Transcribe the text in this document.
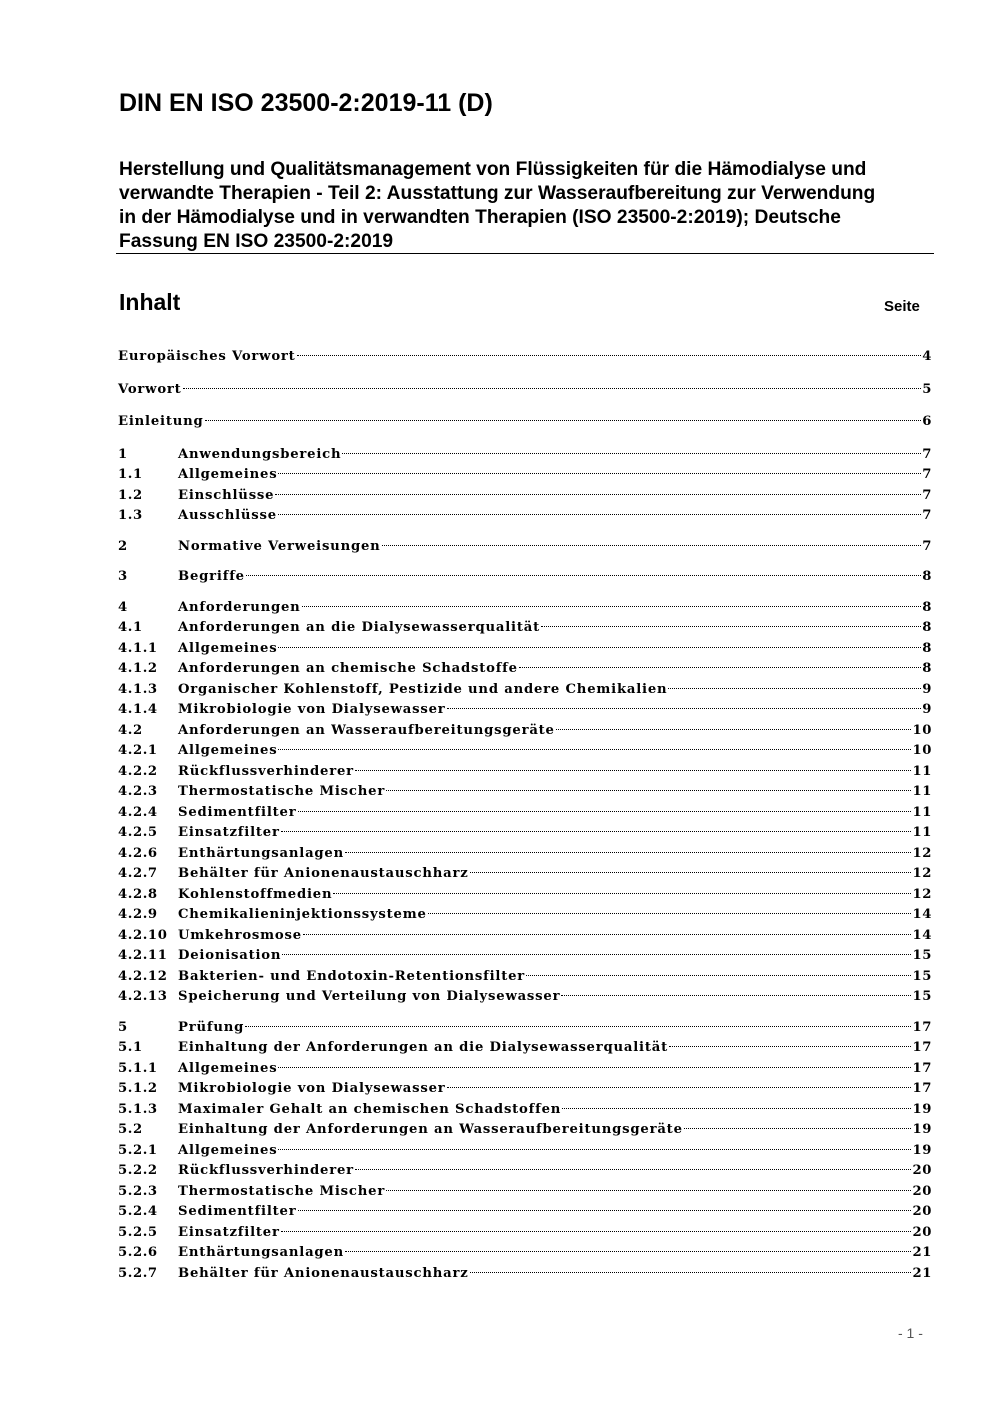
DIN EN ISO 23500-2:2019-11 (D)
Herstellung und Qualitätsmanagement von Flüssigkeiten für die Hämodialyse und
verwandte Therapien - Teil 2: Ausstattung zur Wasseraufbereitung zur Verwendung
in der Hämodialyse und in verwandten Therapien (ISO 23500-2:2019); Deutsche
Fassung EN ISO 23500-2:2019
Inhalt	Seite
Europäisches Vorwort	4
Vorwort	5
Einleitung	6
1	Anwendungsbereich	7
1.1	Allgemeines	7
1.2	Einschlüsse	7
1.3	Ausschlüsse	7
2	Normative Verweisungen	7
3	Begriffe	8
4	Anforderungen	8
4.1	Anforderungen an die Dialysewasserqualität	8
4.1.1	Allgemeines	8
4.1.2	Anforderungen an chemische Schadstoffe	8
4.1.3	Organischer Kohlenstoff, Pestizide und andere Chemikalien	9
4.1.4	Mikrobiologie von Dialysewasser	9
4.2	Anforderungen an Wasseraufbereitungsgeräte	10
4.2.1	Allgemeines	10
4.2.2	Rückflussverhinderer	11
4.2.3	Thermostatische Mischer	11
4.2.4	Sedimentfilter	11
4.2.5	Einsatzfilter	11
4.2.6	Enthärtungsanlagen	12
4.2.7	Behälter für Anionenaustauschharz	12
4.2.8	Kohlenstoffmedien	12
4.2.9	Chemikalieninjektionssysteme	14
4.2.10 Umkehrosmose	14
4.2.11 Deionisation	15
4.2.12 Bakterien- und Endotoxin-Retentionsfilter	15
4.2.13 Speicherung und Verteilung von Dialysewasser	15
5	Prüfung	17
5.1	Einhaltung der Anforderungen an die Dialysewasserqualität	17
5.1.1	Allgemeines	17
5.1.2	Mikrobiologie von Dialysewasser	17
5.1.3	Maximaler Gehalt an chemischen Schadstoffen	19
5.2	Einhaltung der Anforderungen an Wasseraufbereitungsgeräte	19
5.2.1	Allgemeines	19
5.2.2	Rückflussverhinderer	20
5.2.3	Thermostatische Mischer	20
5.2.4	Sedimentfilter	20
5.2.5	Einsatzfilter	20
5.2.6	Enthärtungsanlagen	21
5.2.7	Behälter für Anionenaustauschharz	21
- 1 -
